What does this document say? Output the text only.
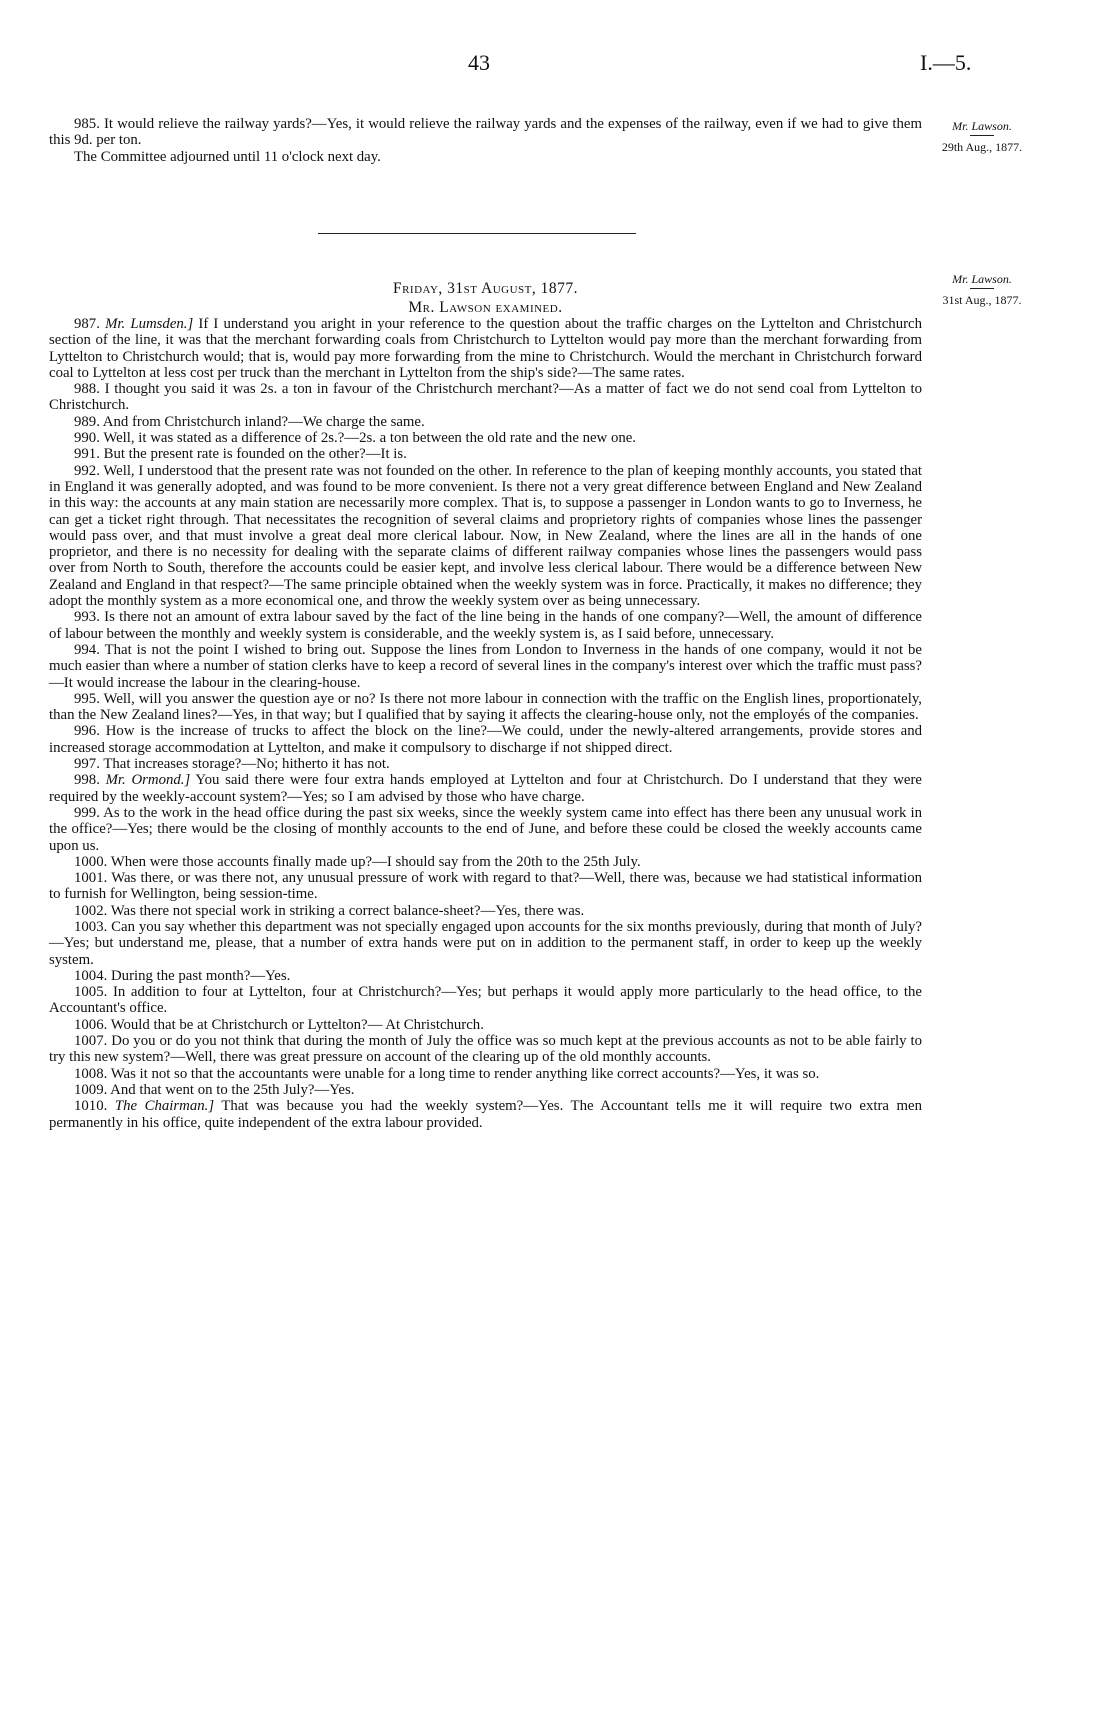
43	I.—5.

985. It would relieve the railway yards?—Yes, it would relieve the railway yards and the expenses of the railway, even if we had to give them this 9d. per ton.

The Committee adjourned until 11 o'clock next day.

Mr. Lawson.
29th Aug., 1877.
Friday, 31st August, 1877.
Mr. Lawson examined.
Mr. Lawson.
31st Aug., 1877.

987. Mr. Lumsden.] If I understand you aright in your reference to the question about the traffic charges on the Lyttelton and Christchurch section of the line, it was that the merchant forwarding coals from Christchurch to Lyttelton would pay more than the merchant forwarding from Lyttelton to Christchurch would; that is, would pay more forwarding from the mine to Christchurch. Would the merchant in Christchurch forward coal to Lyttelton at less cost per truck than the merchant in Lyttelton from the ship's side?—The same rates.

988. I thought you said it was 2s. a ton in favour of the Christchurch merchant?—As a matter of fact we do not send coal from Lyttelton to Christchurch.

989. And from Christchurch inland?—We charge the same.

990. Well, it was stated as a difference of 2s.?—2s. a ton between the old rate and the new one.

991. But the present rate is founded on the other?—It is.

992. Well, I understood that the present rate was not founded on the other. In reference to the plan of keeping monthly accounts, you stated that in England it was generally adopted, and was found to be more convenient. Is there not a very great difference between England and New Zealand in this way: the accounts at any main station are necessarily more complex. That is, to suppose a passenger in London wants to go to Inverness, he can get a ticket right through. That necessitates the recognition of several claims and proprietory rights of companies whose lines the passenger would pass over, and that must involve a great deal more clerical labour. Now, in New Zealand, where the lines are all in the hands of one proprietor, and there is no necessity for dealing with the separate claims of different railway companies whose lines the passengers would pass over from North to South, therefore the accounts could be easier kept, and involve less clerical labour. There would be a difference between New Zealand and England in that respect?—The same principle obtained when the weekly system was in force. Practically, it makes no difference; they adopt the monthly system as a more economical one, and throw the weekly system over as being unnecessary.

993. Is there not an amount of extra labour saved by the fact of the line being in the hands of one company?—Well, the amount of difference of labour between the monthly and weekly system is considerable, and the weekly system is, as I said before, unnecessary.

994. That is not the point I wished to bring out. Suppose the lines from London to Inverness in the hands of one company, would it not be much easier than where a number of station clerks have to keep a record of several lines in the company's interest over which the traffic must pass?—It would increase the labour in the clearing-house.

995. Well, will you answer the question aye or no? Is there not more labour in connection with the traffic on the English lines, proportionately, than the New Zealand lines?—Yes, in that way; but I qualified that by saying it affects the clearing-house only, not the employés of the companies.

996. How is the increase of trucks to affect the block on the line?—We could, under the newly-altered arrangements, provide stores and increased storage accommodation at Lyttelton, and make it compulsory to discharge if not shipped direct.

997. That increases storage?—No; hitherto it has not.

998. Mr. Ormond.] You said there were four extra hands employed at Lyttelton and four at Christchurch. Do I understand that they were required by the weekly-account system?—Yes; so I am advised by those who have charge.

999. As to the work in the head office during the past six weeks, since the weekly system came into effect has there been any unusual work in the office?—Yes; there would be the closing of monthly accounts to the end of June, and before these could be closed the weekly accounts came upon us.

1000. When were those accounts finally made up?—I should say from the 20th to the 25th July.

1001. Was there, or was there not, any unusual pressure of work with regard to that?—Well, there was, because we had statistical information to furnish for Wellington, being session-time.

1002. Was there not special work in striking a correct balance-sheet?—Yes, there was.

1003. Can you say whether this department was not specially engaged upon accounts for the six months previously, during that month of July?—Yes; but understand me, please, that a number of extra hands were put on in addition to the permanent staff, in order to keep up the weekly system.

1004. During the past month?—Yes.

1005. In addition to four at Lyttelton, four at Christchurch?—Yes; but perhaps it would apply more particularly to the head office, to the Accountant's office.

1006. Would that be at Christchurch or Lyttelton?— At Christchurch.

1007. Do you or do you not think that during the month of July the office was so much kept at the previous accounts as not to be able fairly to try this new system?—Well, there was great pressure on account of the clearing up of the old monthly accounts.

1008. Was it not so that the accountants were unable for a long time to render anything like correct accounts?—Yes, it was so.

1009. And that went on to the 25th July?—Yes.

1010. The Chairman.] That was because you had the weekly system?—Yes. The Accountant tells me it will require two extra men permanently in his office, quite independent of the extra labour provided.
